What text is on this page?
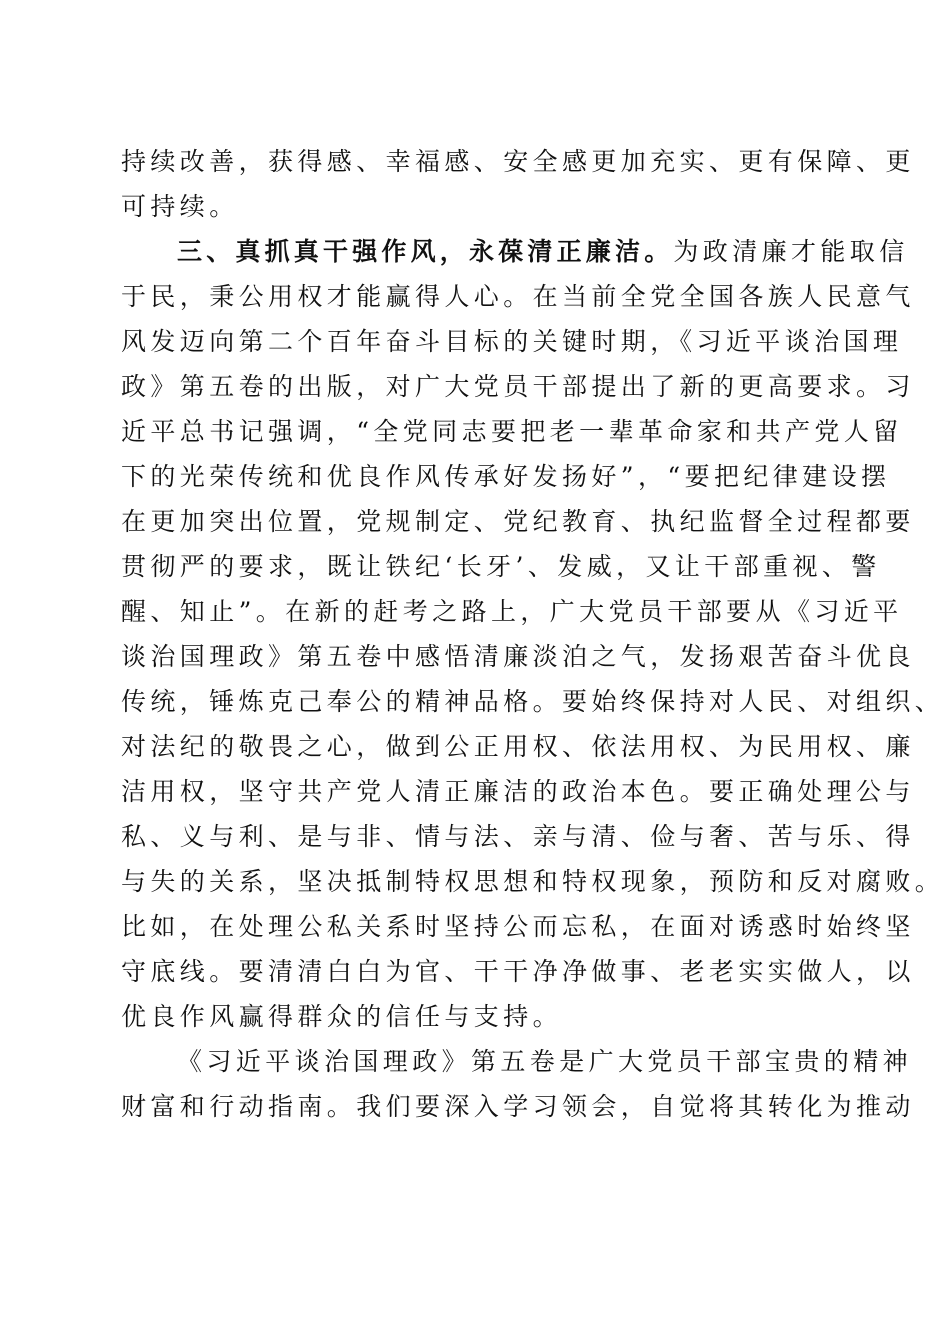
持续改善，获得感、幸福感、安全感更加充实、更有保障、更
可持续。
三、真抓真干强作风，永葆清正廉洁。为政清廉才能取信
于民，秉公用权才能赢得人心。在当前全党全国各族人民意气
风发迈向第二个百年奋斗目标的关键时期，《习近平谈治国理
政》第五卷的出版，对广大党员干部提出了新的更高要求。习
近平总书记强调，“全党同志要把老一辈革命家和共产党人留
下的光荣传统和优良作风传承好发扬好”，“要把纪律建设摆
在更加突出位置，党规制定、党纪教育、执纪监督全过程都要
贯彻严的要求，既让铁纪‘长牙’、发威，又让干部重视、警
醒、知止”。在新的赶考之路上，广大党员干部要从《习近平
谈治国理政》第五卷中感悟清廉淡泊之气，发扬艰苦奋斗优良
传统，锤炼克己奉公的精神品格。要始终保持对人民、对组织、
对法纪的敬畏之心，做到公正用权、依法用权、为民用权、廉
洁用权，坚守共产党人清正廉洁的政治本色。要正确处理公与
私、义与利、是与非、情与法、亲与清、俭与奢、苦与乐、得
与失的关系，坚决抵制特权思想和特权现象，预防和反对腐败。
比如，在处理公私关系时坚持公而忘私，在面对诱惑时始终坚
守底线。要清清白白为官、干干净净做事、老老实实做人，以
优良作风赢得群众的信任与支持。
《习近平谈治国理政》第五卷是广大党员干部宝贵的精神
财富和行动指南。我们要深入学习领会，自觉将其转化为推动
